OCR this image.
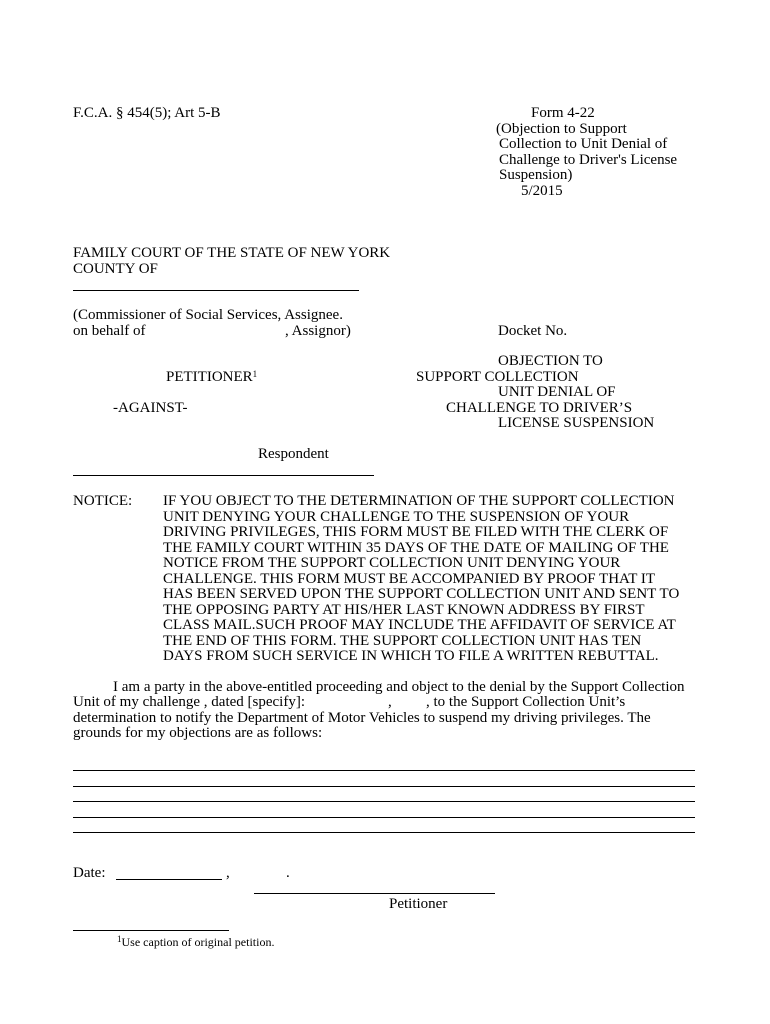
F.C.A. § 454(5); Art 5-B	Form 4-22
(Objection to Support
Collection to Unit Denial of
Challenge to Driver's License
Suspension)
5/2015
FAMILY COURT OF THE STATE OF NEW YORK
COUNTY OF
(Commissioner of Social Services, Assignee.
on behalf of	, Assignor)	Docket No.
PETITIONER$^1$
-AGAINST-
OBJECTION TO
SUPPORT COLLECTION
UNIT DENIAL OF
CHALLENGE TO DRIVER’S
LICENSE SUSPENSION
Respondent
NOTICE: IF YOU OBJECT TO THE DETERMINATION OF THE SUPPORT COLLECTION
UNIT DENYING YOUR CHALLENGE TO THE SUSPENSION OF YOUR
DRIVING PRIVILEGES, THIS FORM MUST BE FILED WITH THE CLERK OF
THE FAMILY COURT WITHIN 35 DAYS OF THE DATE OF MAILING OF THE
NOTICE FROM THE SUPPORT COLLECTION UNIT DENYING YOUR
CHALLENGE. THIS FORM MUST BE ACCOMPANIED BY PROOF THAT IT
HAS BEEN SERVED UPON THE SUPPORT COLLECTION UNIT AND SENT TO
THE OPPOSING PARTY AT HIS/HER LAST KNOWN ADDRESS BY FIRST
CLASS MAIL.SUCH PROOF MAY INCLUDE THE AFFIDAVIT OF SERVICE AT
THE END OF THIS FORM. THE SUPPORT COLLECTION UNIT HAS TEN
DAYS FROM SUCH SERVICE IN WHICH TO FILE A WRITTEN REBUTTAL.
I am a party in the above-entitled proceeding and object to the denial by the Support Collection
Unit of my challenge , dated [specify]:	, , to the Support Collection Unit’s
determination to notify the Department of Motor Vehicles to suspend my driving privileges. The
grounds for my objections are as follows:
Date:	,	.
Petitioner
$^1$Use caption of original petition.
